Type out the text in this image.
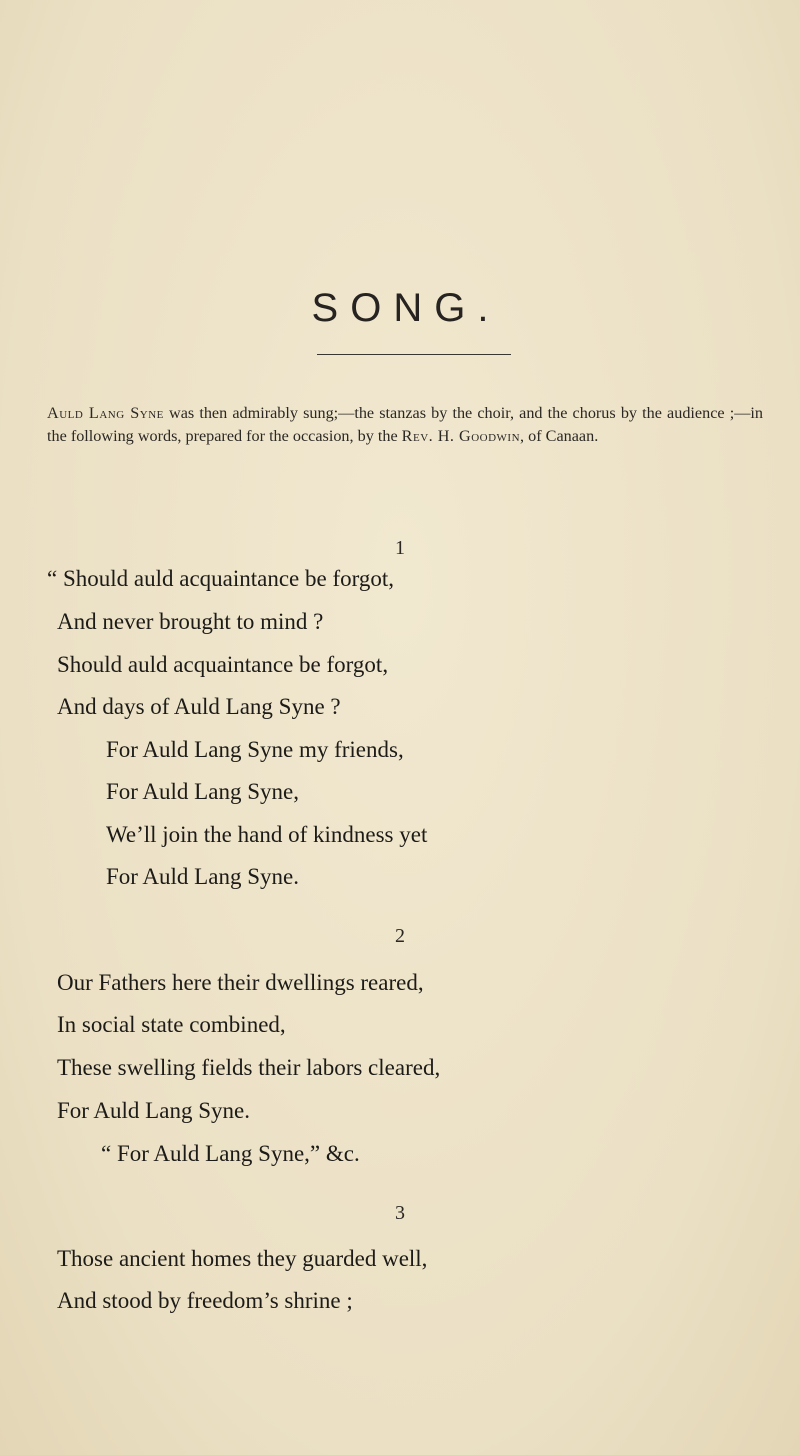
SONG.
Auld Lang Syne was then admirably sung;—the stanzas by the choir, and the chorus by the audience ;—in the following words, prepared for the occasion, by the Rev. H. Goodwin, of Canaan.
1
“ Should auld acquaintance be forgot,
And never brought to mind ?
Should auld acquaintance be forgot,
And days of Auld Lang Syne ?
For Auld Lang Syne my friends,
For Auld Lang Syne,
We’ll join the hand of kindness yet
For Auld Lang Syne.
2
Our Fathers here their dwellings reared,
In social state combined,
These swelling fields their labors cleared,
For Auld Lang Syne.
“ For Auld Lang Syne,” &c.
3
Those ancient homes they guarded well,
And stood by freedom’s shrine ;
